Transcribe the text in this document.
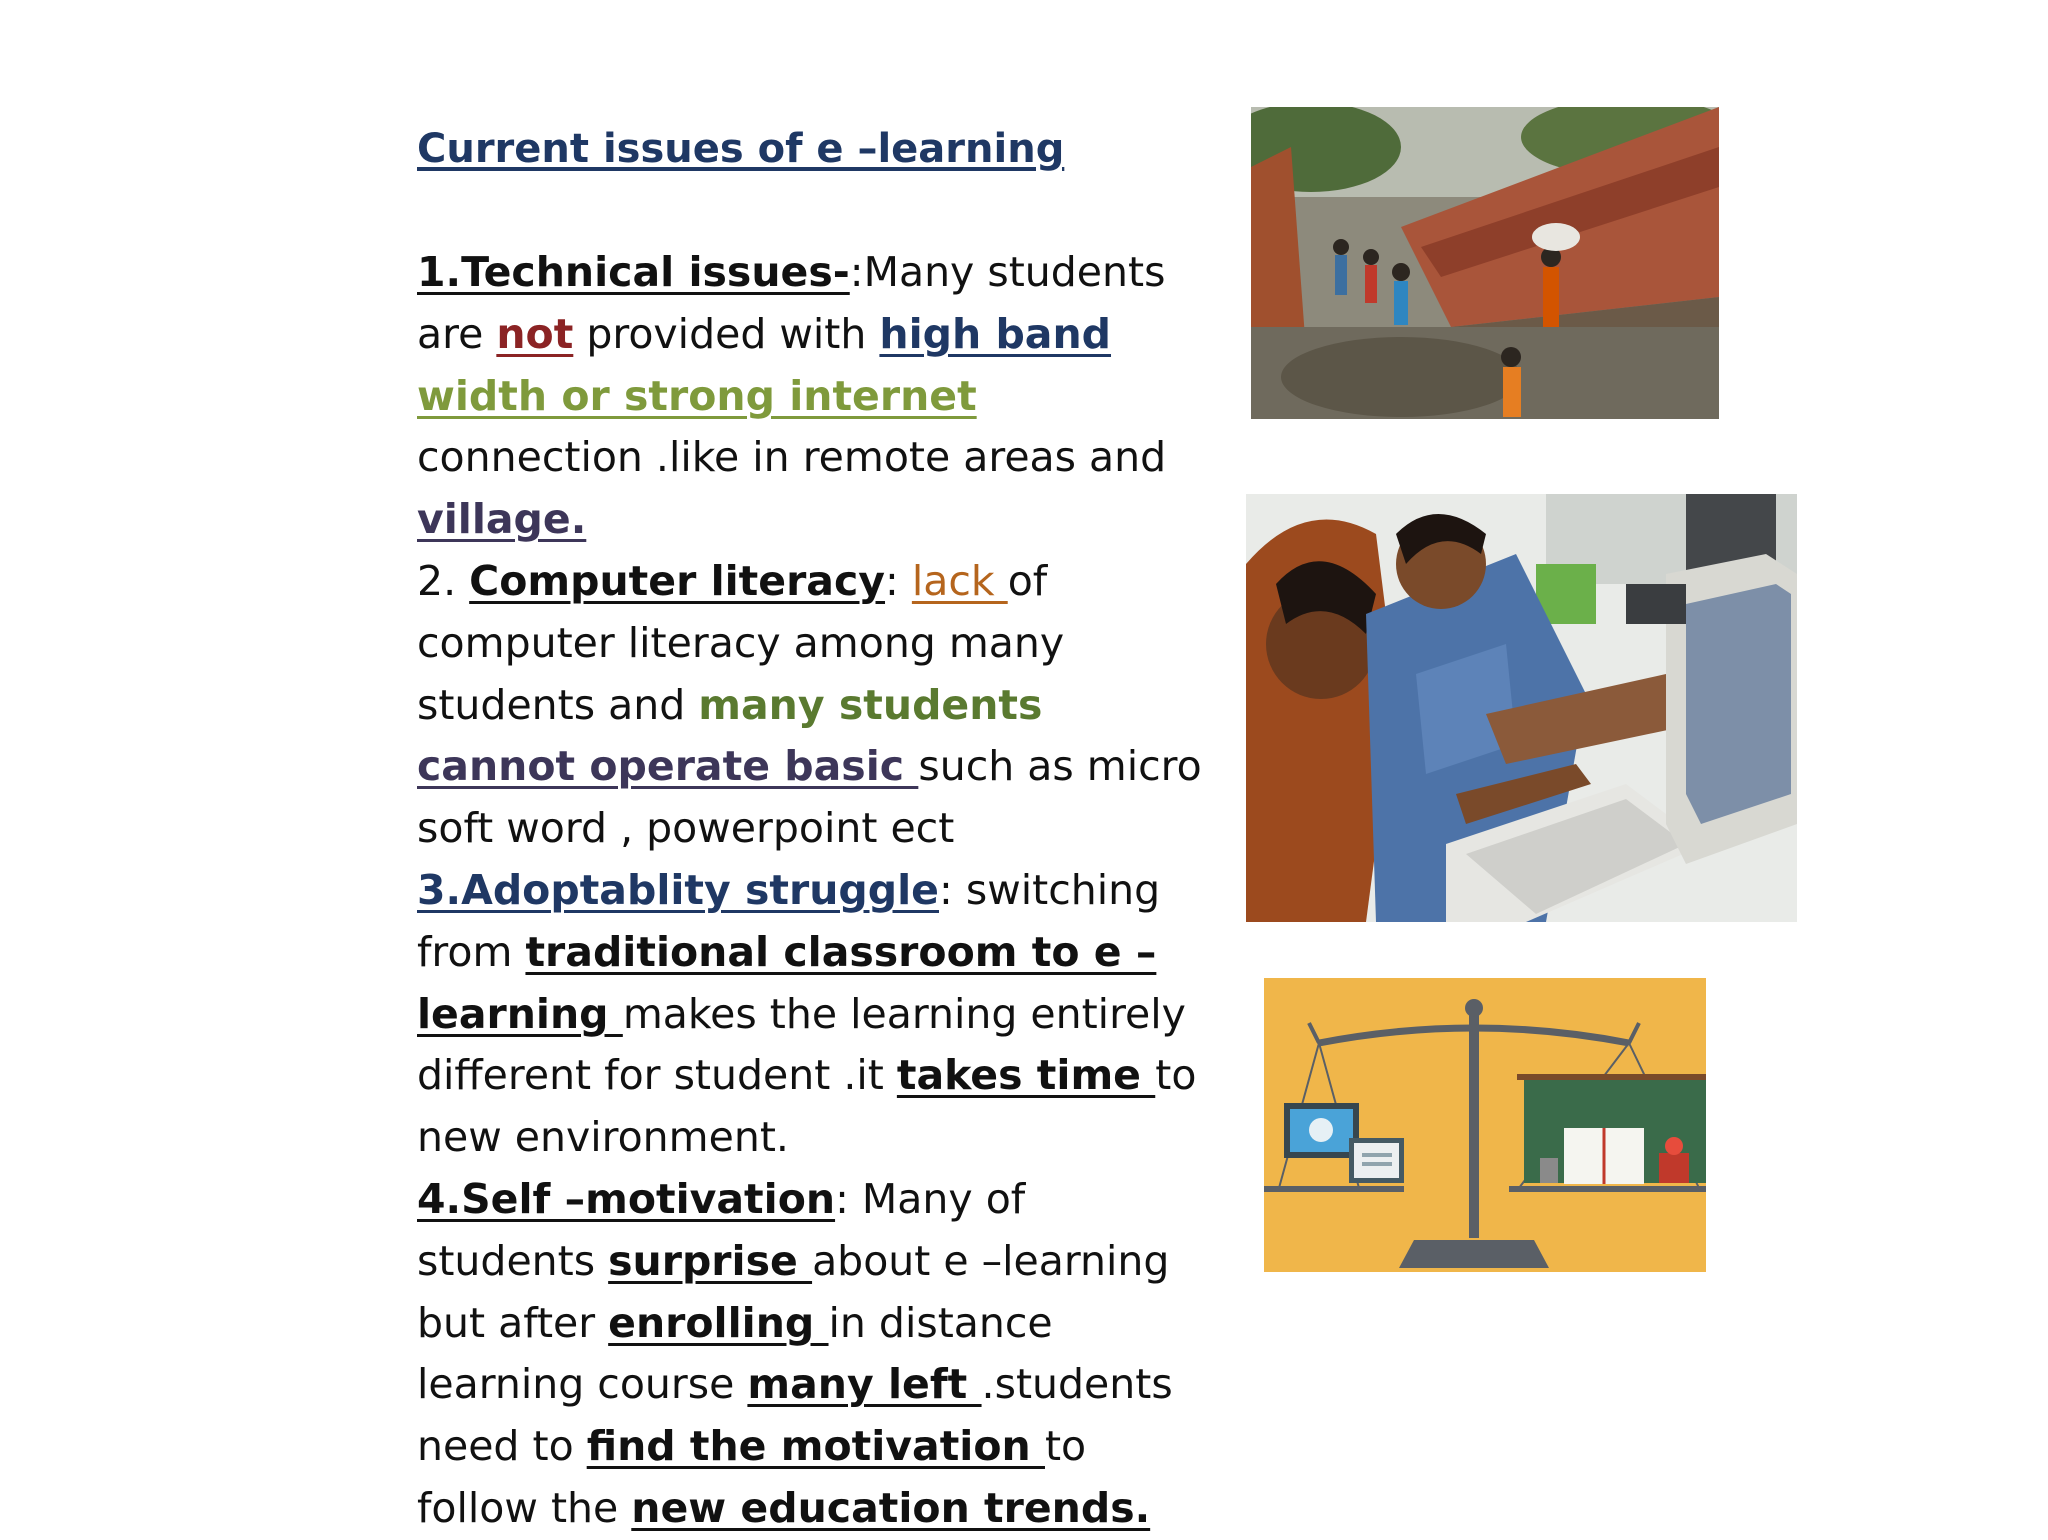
Current issues of e –learning
1.Technical issues-:Many students
are not provided with high band
width or strong internet
connection .like in remote areas and
village.
2. Computer literacy: lack of
computer literacy among many
students and many students
cannot operate basic such as micro
soft word , powerpoint ect
3.Adoptablity struggle: switching
from traditional classroom to e –
learning makes the learning entirely
different for student .it takes time to
new environment.
4.Self –motivation: Many of
students surprise about e –learning
but after enrolling in distance
learning course many left .students
need to find the motivation to
follow the new education trends.
